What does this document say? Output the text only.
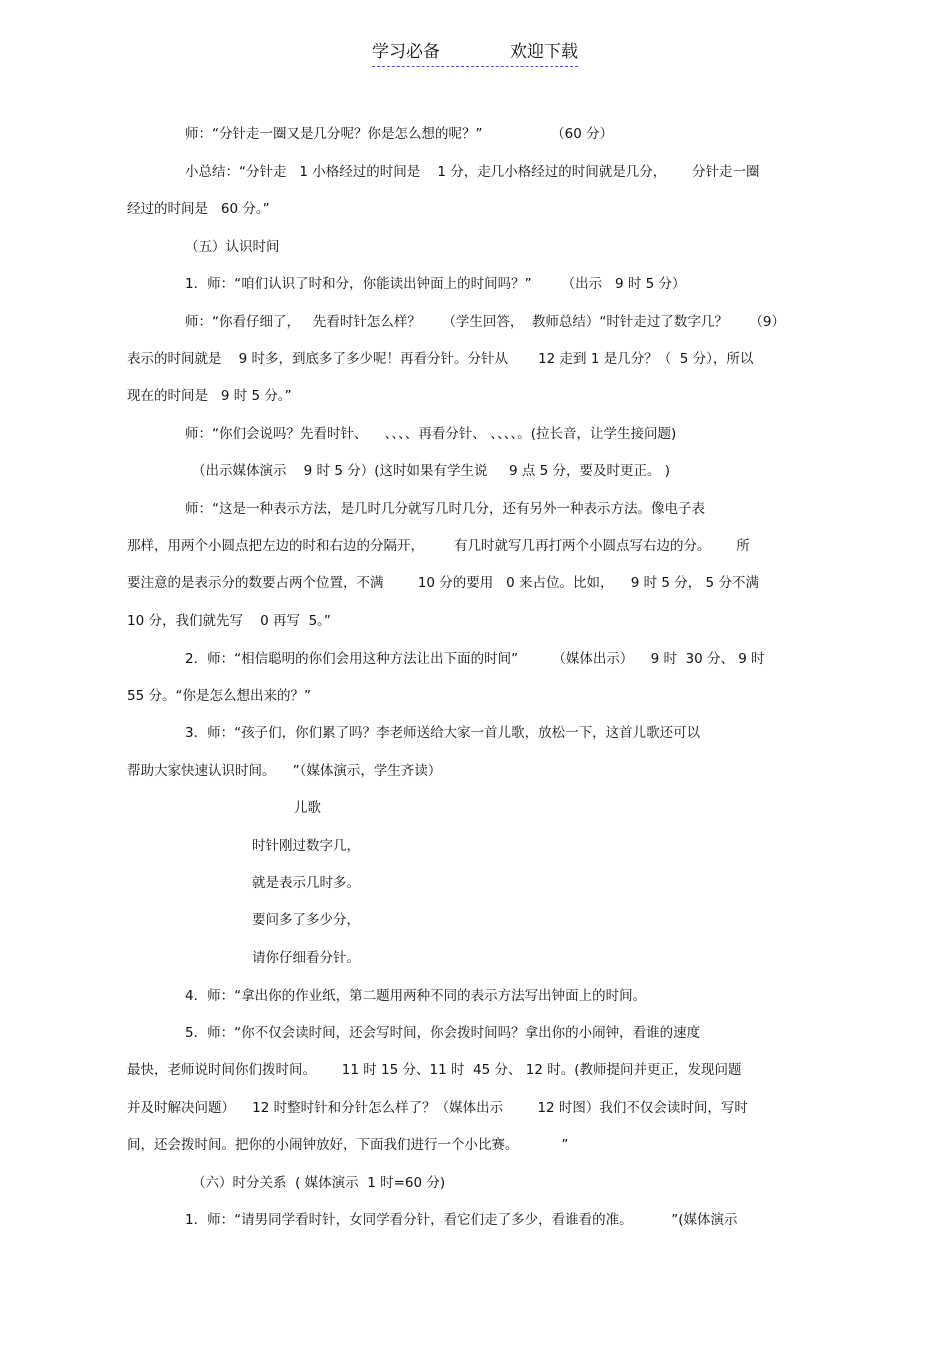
学习必备	欢迎下载
师：“分针走一圈又是几分呢？你是怎么想的呢？”                （60 分）
小总结：“分针走   1 小格经过的时间是    1 分，走几小格经过的时间就是几分，      分针走一圈
经过的时间是   60 分。”
（五）认识时间
1．师：“咱们认识了时和分，你能读出钟面上的时间吗？”       （出示   9 时 5 分）
师：“你看仔细了，   先看时针怎么样？     （学生回答，  教师总结）“时针走过了数字几？     （9）
表示的时间就是    9 时多，到底多了多少呢！再看分针。分针从       12 走到 1 是几分？（  5 分），所以
现在的时间是   9 时 5 分。”
师：“你们会说吗？先看时针、    、、、、再看分针、 、、、、。(拉长音，让学生接问题)
（出示媒体演示    9 时 5 分）(这时如果有学生说     9 点 5 分，要及时更正。 )
师：“这是一种表示方法，是几时几分就写几时几分，还有另外一种表示方法。像电子表
那样，用两个小圆点把左边的时和右边的分隔开，       有几时就写几再打两个小圆点写右边的分。      所
要注意的是表示分的数要占两个位置，不满        10 分的要用   0 来占位。比如，    9 时 5 分， 5 分不满
10 分，我们就先写    0 再写  5。”
2．师：“相信聪明的你们会用这种方法让出下面的时间”        （媒体出示）    9 时  30 分、 9 时
55 分。“你是怎么想出来的？”
3．师：“孩子们，你们累了吗？李老师送给大家一首儿歌，放松一下，这首儿歌还可以
帮助大家快速认识时间。    ”（媒体演示，学生齐读）
儿歌
时针刚过数字几，
就是表示几时多。
要问多了多少分，
请你仔细看分针。
4．师：“拿出你的作业纸，第二题用两种不同的表示方法写出钟面上的时间。
5．师：“你不仅会读时间，还会写时间，你会拨时间吗？拿出你的小闹钟，看谁的速度
最快，老师说时间你们拨时间。      11 时 15 分、11 时  45 分、 12 时。(教师提问并更正，发现问题
并及时解决问题）    12 时整时针和分针怎么样了？（媒体出示        12 时图）我们不仅会读时间，写时
间，还会拨时间。把你的小闹钟放好，下面我们进行一个小比赛。          ”
（六）时分关系  ( 媒体演示  1 时=60 分)
1．师：“请男同学看时针，女同学看分针，看它们走了多少，看谁看的准。         ”(媒体演示
